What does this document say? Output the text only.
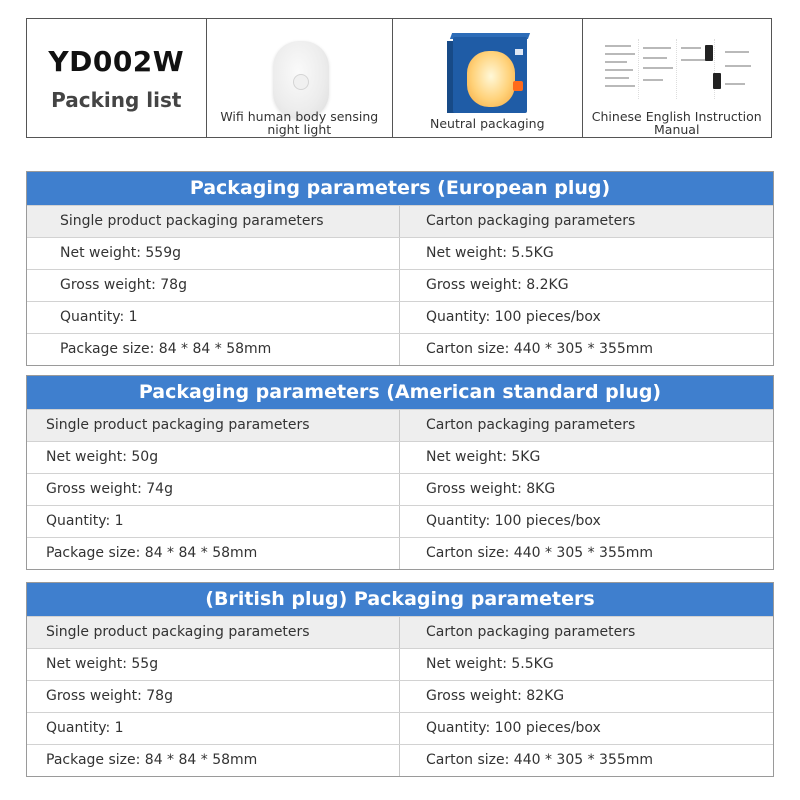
YD002W
Packing list
Wifi human body sensing night light	Neutral packaging	Chinese English Instruction Manual
Packaging parameters (European plug)
Single product packaging parameters	Carton packaging parameters
Net weight: 559g	Net weight: 5.5KG
Gross weight: 78g	Gross weight: 8.2KG
Quantity: 1	Quantity: 100 pieces/box
Package size: 84 * 84 * 58mm	Carton size: 440 * 305 * 355mm
Packaging parameters (American standard plug)
Single product packaging parameters	Carton packaging parameters
Net weight: 50g	Net weight: 5KG
Gross weight: 74g	Gross weight: 8KG
Quantity: 1	Quantity: 100 pieces/box
Package size: 84 * 84 * 58mm	Carton size: 440 * 305 * 355mm
(British plug) Packaging parameters
Single product packaging parameters	Carton packaging parameters
Net weight: 55g	Net weight: 5.5KG
Gross weight: 78g	Gross weight: 82KG
Quantity: 1	Quantity: 100 pieces/box
Package size: 84 * 84 * 58mm	Carton size: 440 * 305 * 355mm
